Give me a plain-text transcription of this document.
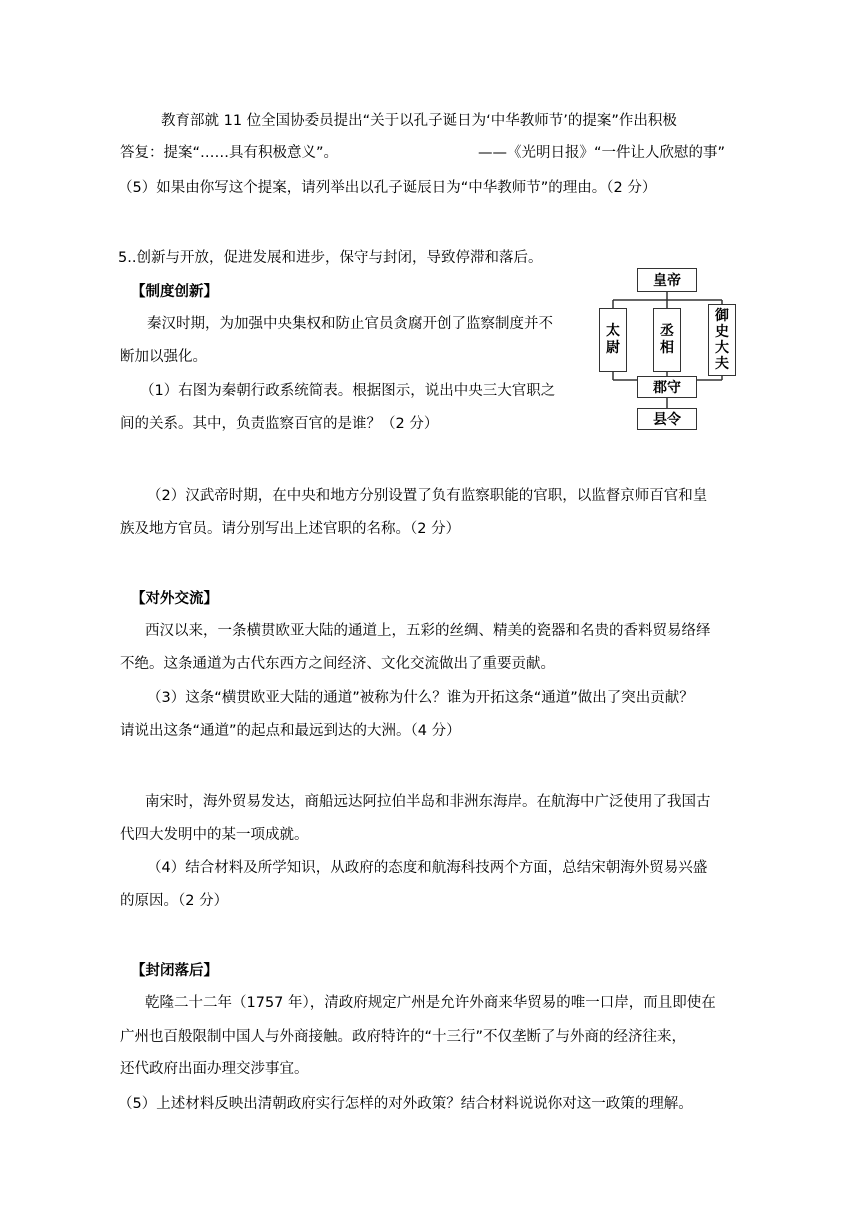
教育部就 11 位全国协委员提出“关于以孔子诞日为‘中华教师节’的提案”作出积极
答复：提案“……具有积极意义”。	——《光明日报》“一件让人欣慰的事”
（5）如果由你写这个提案，请列举出以孔子诞辰日为“中华教师节”的理由。（2 分）
5..创新与开放，促进发展和进步，保守与封闭，导致停滞和落后。
【制度创新】
秦汉时期，为加强中央集权和防止官员贪腐开创了监察制度并不
断加以强化。
（1）右图为秦朝行政系统简表。根据图示，说出中央三大官职之
间的关系。其中，负责监察百官的是谁？（2 分）
皇帝
太
尉
丞
相
御
史
大
夫
郡守
县令
（2）汉武帝时期，在中央和地方分别设置了负有监察职能的官职，以监督京师百官和皇
族及地方官员。请分别写出上述官职的名称。（2 分）
【对外交流】
西汉以来，一条横贯欧亚大陆的通道上，五彩的丝绸、精美的瓷器和名贵的香料贸易络绎
不绝。这条通道为古代东西方之间经济、文化交流做出了重要贡献。
（3）这条“横贯欧亚大陆的通道”被称为什么？谁为开拓这条“通道”做出了突出贡献？
请说出这条“通道”的起点和最远到达的大洲。（4 分）
南宋时，海外贸易发达，商船远达阿拉伯半岛和非洲东海岸。在航海中广泛使用了我国古
代四大发明中的某一项成就。
（4）结合材料及所学知识，从政府的态度和航海科技两个方面，总结宋朝海外贸易兴盛
的原因。（2 分）
【封闭落后】
乾隆二十二年（1757 年），清政府规定广州是允许外商来华贸易的唯一口岸，而且即使在
广州也百般限制中国人与外商接触。政府特许的“十三行”不仅垄断了与外商的经济往来，
还代政府出面办理交涉事宜。
（5）上述材料反映出清朝政府实行怎样的对外政策？结合材料说说你对这一政策的理解。
